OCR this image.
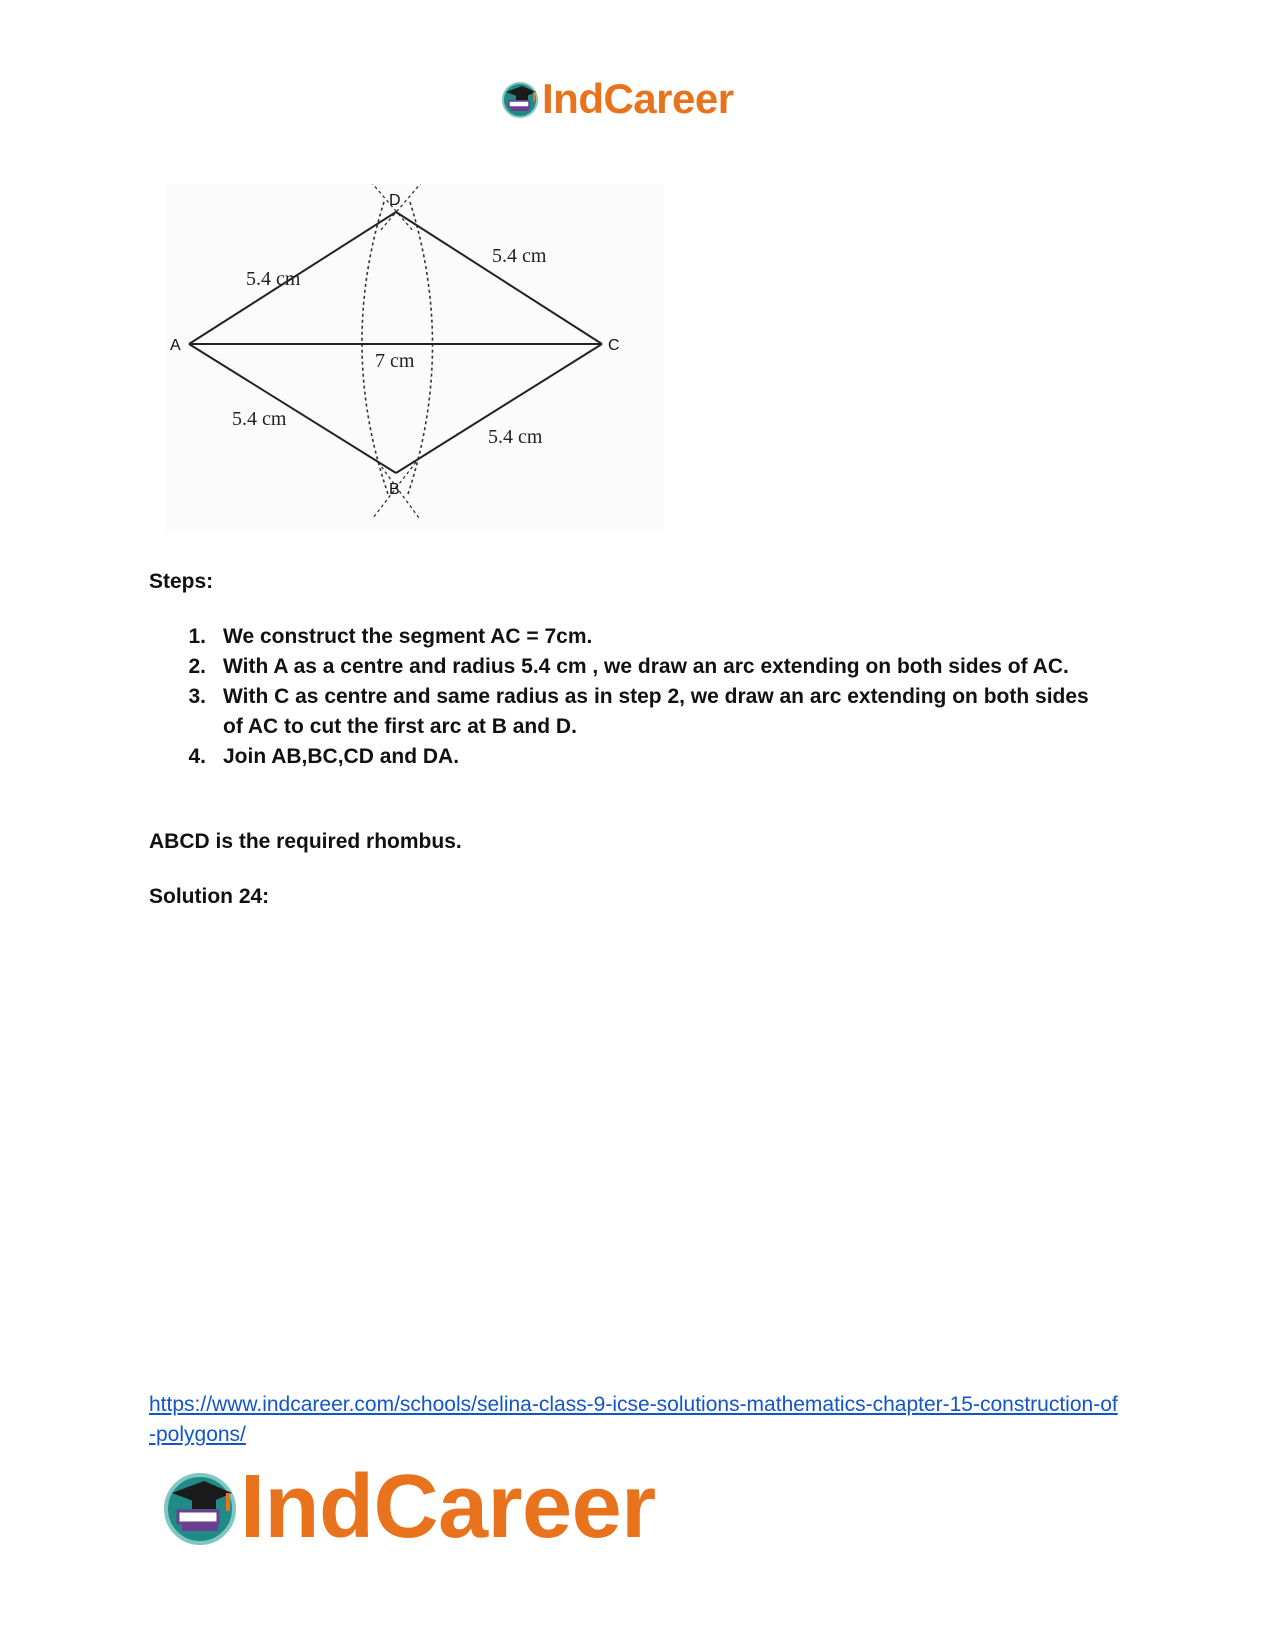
IndCareer
D
A	C
B
5.4 cm
5.4 cm
7 cm
5.4 cm
5.4 cm

Steps:

1. We construct the segment AC = 7cm.
2. With A as a centre and radius 5.4 cm , we draw an arc extending on both sides of AC.
3. With C as centre and same radius as in step 2, we draw an arc extending on both sides of AC to cut the first arc at B and D.
4. Join AB,BC,CD and DA.

ABCD is the required rhombus.

Solution 24:

https://www.indcareer.com/schools/selina-class-9-icse-solutions-mathematics-chapter-15-construction-of-polygons/
IndCareer
